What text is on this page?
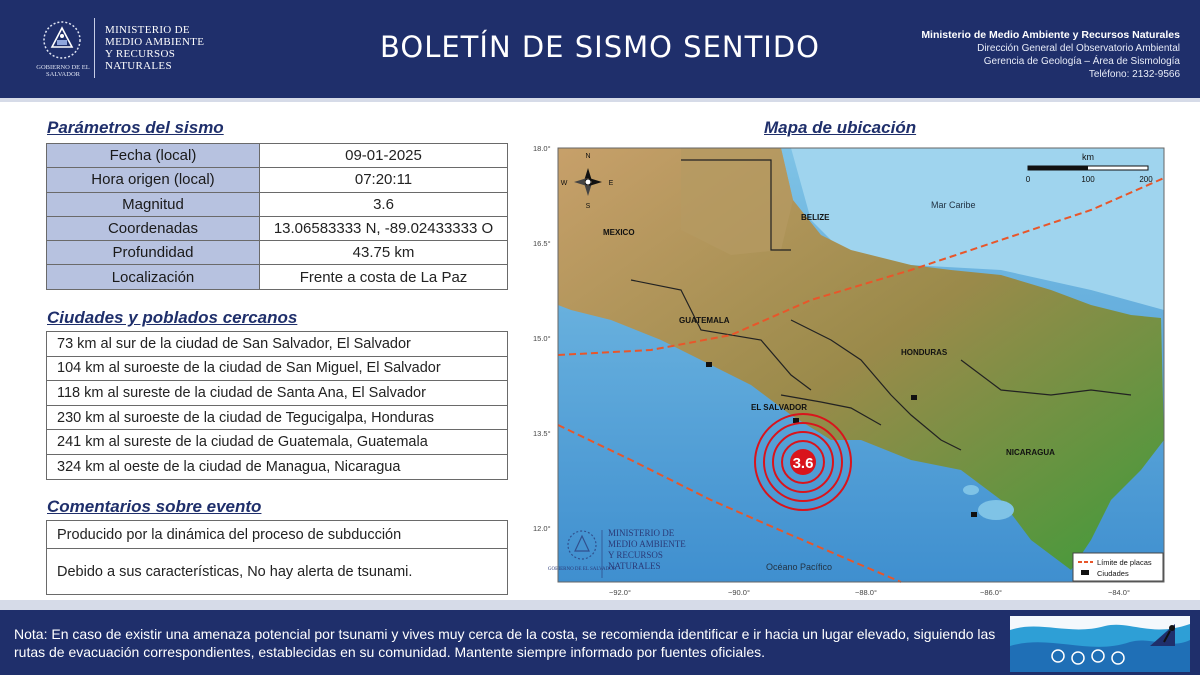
GOBIERNO DE EL SALVADOR
MINISTERIO DE
MEDIO AMBIENTE
Y RECURSOS
NATURALES
BOLETÍN DE SISMO SENTIDO	Ministerio de Medio Ambiente y Recursos Naturales
Dirección General del Observatorio Ambiental
Gerencia de Geología – Área de Sismología
Teléfono: 2132-9566
Parámetros del sismo
Fecha (local)	09-01-2025
Hora origen (local)	07:20:11
Magnitud	3.6
Coordenadas	13.06583333 N, -89.02433333 O
Profundidad	43.75 km
Localización	Frente a costa de La Paz
Ciudades y poblados cercanos
73 km al sur de la ciudad de San Salvador, El Salvador
104 km al suroeste de la ciudad de San Miguel, El Salvador
118 km al sureste de la ciudad de Santa Ana, El Salvador
230 km al suroeste de la ciudad de Tegucigalpa, Honduras
241 km al sureste de la ciudad de Guatemala, Guatemala
324 km al oeste de la ciudad de Managua, Nicaragua
Comentarios sobre evento
Producido por la dinámica del proceso de subducción
Debido a sus características, No hay alerta de tsunami.
Mapa de ubicación
3.6
MEXICO
BELIZE
GUATEMALA
HONDURAS
EL SALVADOR
NICARAGUA
Mar Caribe
Océano Pacífico
N
S
E
W
km
0	100	200
GOBIERNO DE EL SALVADOR
MINISTERIO DE
MEDIO AMBIENTE
Y RECURSOS
NATURALES	Límite de placas
Ciudades
18.0°
16.5°
15.0°
13.5°
12.0°
−92.0°	−90.0°	−88.0°	−86.0°	−84.0°
Nota: En caso de existir una amenaza potencial por tsunami y vives muy cerca de la costa, se recomienda identificar e ir hacia un lugar elevado, siguiendo las rutas de evacuación correspondientes, establecidas en su comunidad. Mantente siempre informado por fuentes oficiales.
